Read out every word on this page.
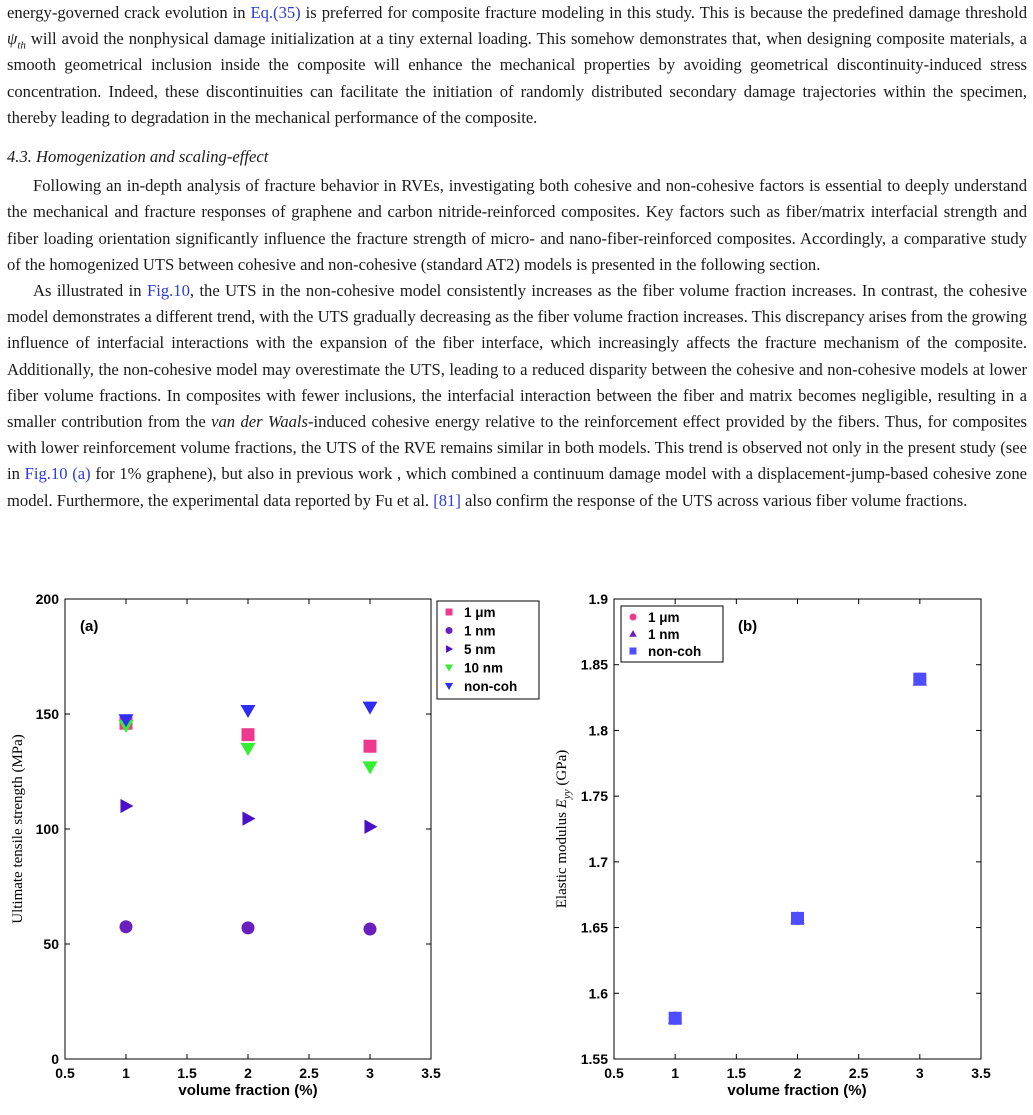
energy-governed crack evolution in Eq.(35) is preferred for composite fracture modeling in this study. This is because the predefined damage threshold $\psi_{th}$ will avoid the nonphysical damage initialization at a tiny external loading. This somehow demonstrates that, when designing composite materials, a smooth geometrical inclusion inside the composite will enhance the mechanical properties by avoiding geometrical discontinuity-induced stress concentration. Indeed, these discontinuities can facilitate the initiation of randomly distributed secondary damage trajectories within the specimen, thereby leading to degradation in the mechanical performance of the composite.

4.3. Homogenization and scaling-effect

Following an in-depth analysis of fracture behavior in RVEs, investigating both cohesive and non-cohesive factors is essential to deeply understand the mechanical and fracture responses of graphene and carbon nitride-reinforced composites. Key factors such as fiber/matrix interfacial strength and fiber loading orientation significantly influence the fracture strength of micro- and nano-fiber-reinforced composites. Accordingly, a comparative study of the homogenized UTS between cohesive and non-cohesive (standard AT2) models is presented in the following section.

As illustrated in Fig.10, the UTS in the non-cohesive model consistently increases as the fiber volume fraction increases. In contrast, the cohesive model demonstrates a different trend, with the UTS gradually decreasing as the fiber volume fraction increases. This discrepancy arises from the growing influence of interfacial interactions with the expansion of the fiber interface, which increasingly affects the fracture mechanism of the composite. Additionally, the non-cohesive model may overestimate the UTS, leading to a reduced disparity between the cohesive and non-cohesive models at lower fiber volume fractions. In composites with fewer inclusions, the interfacial interaction between the fiber and matrix becomes negligible, resulting in a smaller contribution from the van der Waals-induced cohesive energy relative to the reinforcement effect provided by the fibers. Thus, for composites with lower reinforcement volume fractions, the UTS of the RVE remains similar in both models. This trend is observed not only in the present study (see in Fig.10 (a) for 1% graphene), but also in previous work , which combined a continuum damage model with a displacement-jump-based cohesive zone model. Furthermore, the experimental data reported by Fu et al. [81] also confirm the response of the UTS across various fiber volume fractions.

0.5	1	1.5	2	2.5	3	3.5
0
50
100
150
200
(a)
volume fraction (%)
Ultimate tensile strength (MPa)
1 μm
1 nm
5 nm
10 nm
non-coh
0.5	1	1.5	2	2.5	3	3.5
1.55
1.6
1.65
1.7
1.75
1.8
1.85
1.9
(b)
volume fraction (%)
Elastic modulus $E_{yy}$ (GPa)
1 μm
1 nm
non-coh
